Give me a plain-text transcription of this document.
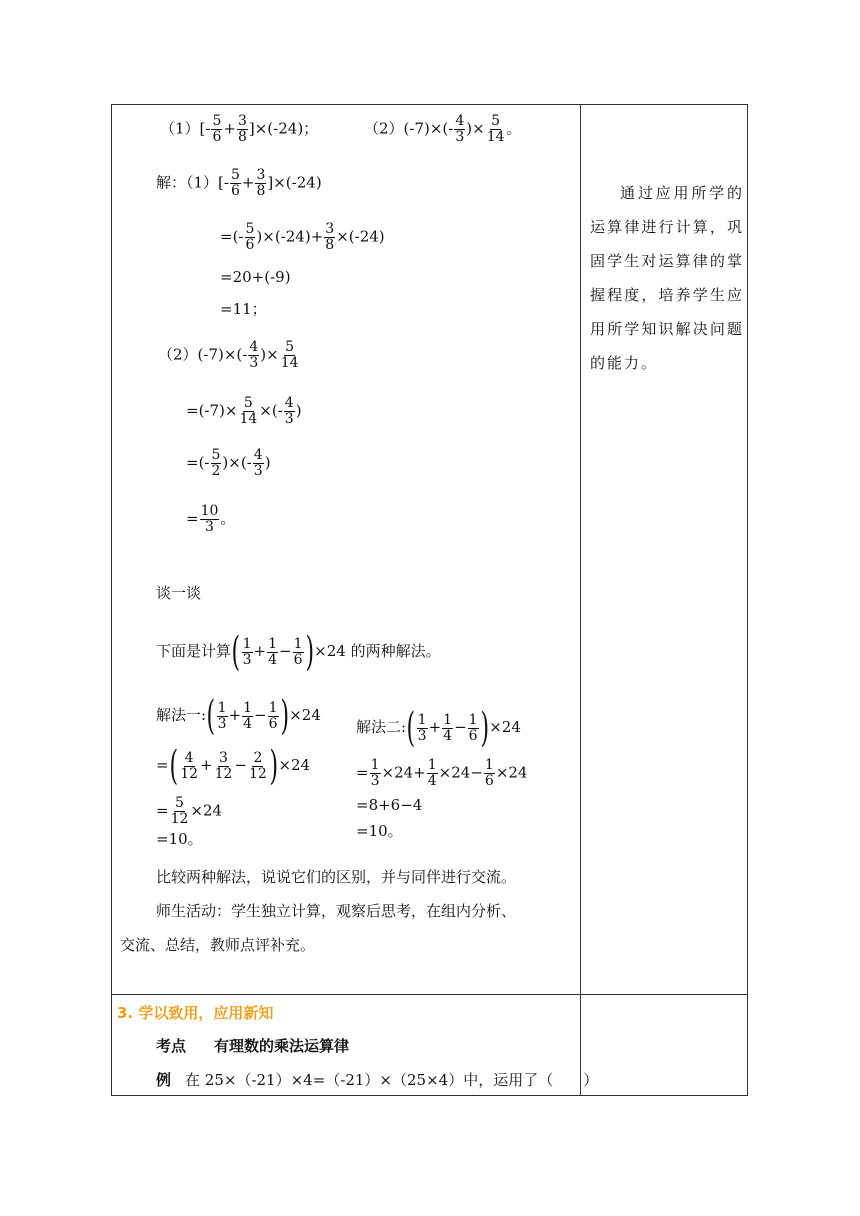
$(1)[- \frac{5}{6} + \frac{3}{8} ]\times(-24)$；	$(2)(-7)\times(- \frac{4}{3}$ )× $\frac{5}{14}$ 。
解：$(1)[- \frac{5}{6} + \frac{3}{8} ]\times(-24)$
=(- $\frac{5}{6} )\times(-24)+ \frac{3}{8} \times(-24)$
=20+(-9)
=11；
$(2)(-7)\times(- \frac{4}{3}$ )× $\frac{5}{14}$
$=(-7)\times \frac{5}{14}$ ×(- $\frac{4}{3}$ )
=(- $\frac{5}{2}$ )×(- $\frac{4}{3}$ )
= $\frac{10}{3}$ 。
谈一谈
下面是计算( $\frac{1}{3} + \frac{1}{4} - \frac{1}{6} )\times 24$ 的两种解法。
解法一:( $\frac{1}{3} + \frac{1}{4} - \frac{1}{6} )\times 24$
=( $\frac{4}{12} + \frac{3}{12} - \frac{2}{12} )\times 24$
= $\frac{5}{12} \times 24$
=10。
解法二:( $\frac{1}{3} + \frac{1}{4} - \frac{1}{6} )\times 24$
= $\frac{1}{3} \times 24+ \frac{1}{4} \times 24- \frac{1}{6} \times 24$
=8+6−4
=10。
比较两种解法，说说它们的区别，并与同伴进行交流。
师生活动：学生独立计算，观察后思考，在组内分析、
交流、总结，教师点评补充。
通过应用所学的运算律进行计算，巩固学生对运算律的掌握程度，培养学生应用所学知识解决问题的能力。
3. 学以致用，应用新知
考点 有理数的乘法运算律
例 在 25×（-21）×4=（-21）×（25×4）中，运用了（　　）
